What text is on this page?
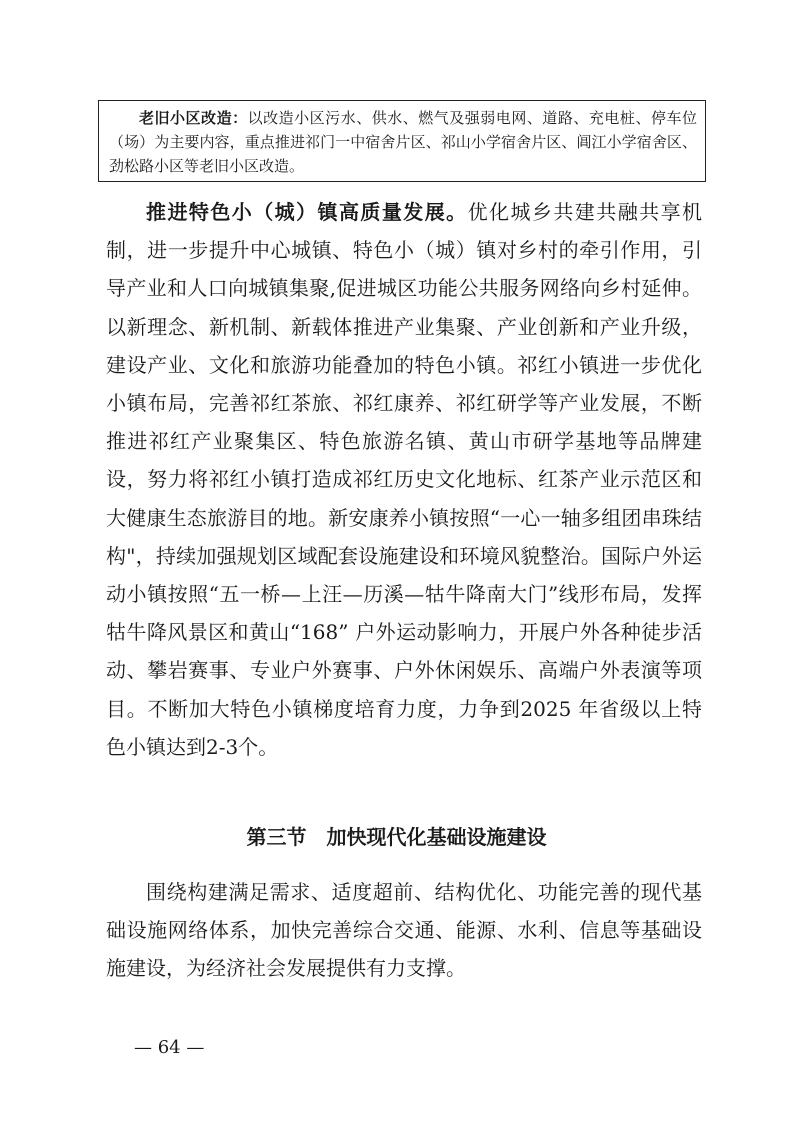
老旧小区改造：以改造小区污水、供水、燃气及强弱电网、道路、充电桩、停车位（场）为主要内容，重点推进祁门一中宿舍片区、祁山小学宿舍片区、阊江小学宿舍区、劲松路小区等老旧小区改造。

推进特色小（城）镇高质量发展。优化城乡共建共融共享机制，进一步提升中心城镇、特色小（城）镇对乡村的牵引作用，引导产业和人口向城镇集聚,促进城区功能公共服务网络向乡村延伸。以新理念、新机制、新载体推进产业集聚、产业创新和产业升级，建设产业、文化和旅游功能叠加的特色小镇。祁红小镇进一步优化小镇布局，完善祁红茶旅、祁红康养、祁红研学等产业发展，不断推进祁红产业聚集区、特色旅游名镇、黄山市研学基地等品牌建设，努力将祁红小镇打造成祁红历史文化地标、红茶产业示范区和大健康生态旅游目的地。新安康养小镇按照“一心一轴多组团串珠结构"，持续加强规划区域配套设施建设和环境风貌整治。国际户外运动小镇按照“五一桥—上汪—历溪—牯牛降南大门”线形布局，发挥牯牛降风景区和黄山“168” 户外运动影响力，开展户外各种徒步活动、攀岩赛事、专业户外赛事、户外休闲娱乐、高端户外表演等项目。不断加大特色小镇梯度培育力度，力争到2025 年省级以上特色小镇达到2-3个。

第三节　加快现代化基础设施建设

围绕构建满足需求、适度超前、结构优化、功能完善的现代基础设施网络体系，加快完善综合交通、能源、水利、信息等基础设施建设，为经济社会发展提供有力支撑。

— 64 —
